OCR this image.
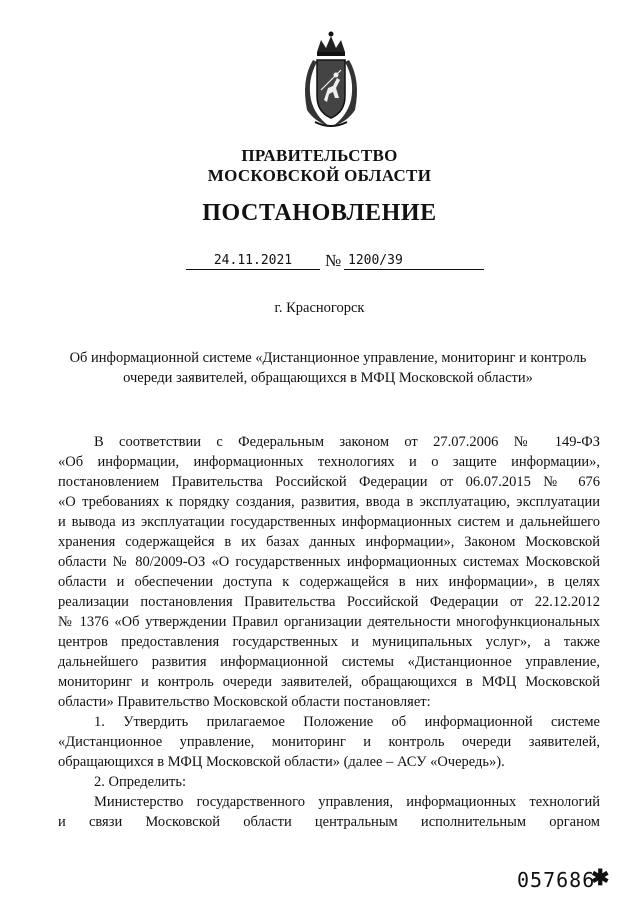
ПРАВИТЕЛЬСТВО
МОСКОВСКОЙ ОБЛАСТИ
ПОСТАНОВЛЕНИЕ
24.11.2021	№ 1200/39
г. Красногорск
Об информационной системе «Дистанционное управление, мониторинг и контроль
очереди заявителей, обращающихся в МФЦ Московской области»

В соответствии с Федеральным законом от 27.07.2006 № 149-ФЗ

«Об информации, информационных технологиях и о защите информации»,

постановлением Правительства Российской Федерации от 06.07.2015 № 676

«О требованиях к порядку создания, развития, ввода в эксплуатацию, эксплуатации

и вывода из эксплуатации государственных информационных систем и дальнейшего

хранения содержащейся в их базах данных информации», Законом Московской

области № 80/2009-ОЗ «О государственных информационных системах Московской

области и обеспечении доступа к содержащейся в них информации», в целях

реализации постановления Правительства Российской Федерации от 22.12.2012

№ 1376 «Об утверждении Правил организации деятельности многофункциональных

центров предоставления государственных и муниципальных услуг», а также

дальнейшего развития информационной системы «Дистанционное управление,

мониторинг и контроль очереди заявителей, обращающихся в МФЦ Московской

области» Правительство Московской области постановляет:

1. Утвердить прилагаемое Положение об информационной системе

«Дистанционное управление, мониторинг и контроль очереди заявителей,

обращающихся в МФЦ Московской области» (далее – АСУ «Очередь»).

2. Определить:

Министерство государственного управления, информационных технологий

и связи Московской области центральным исполнительным органом

057686
✱
